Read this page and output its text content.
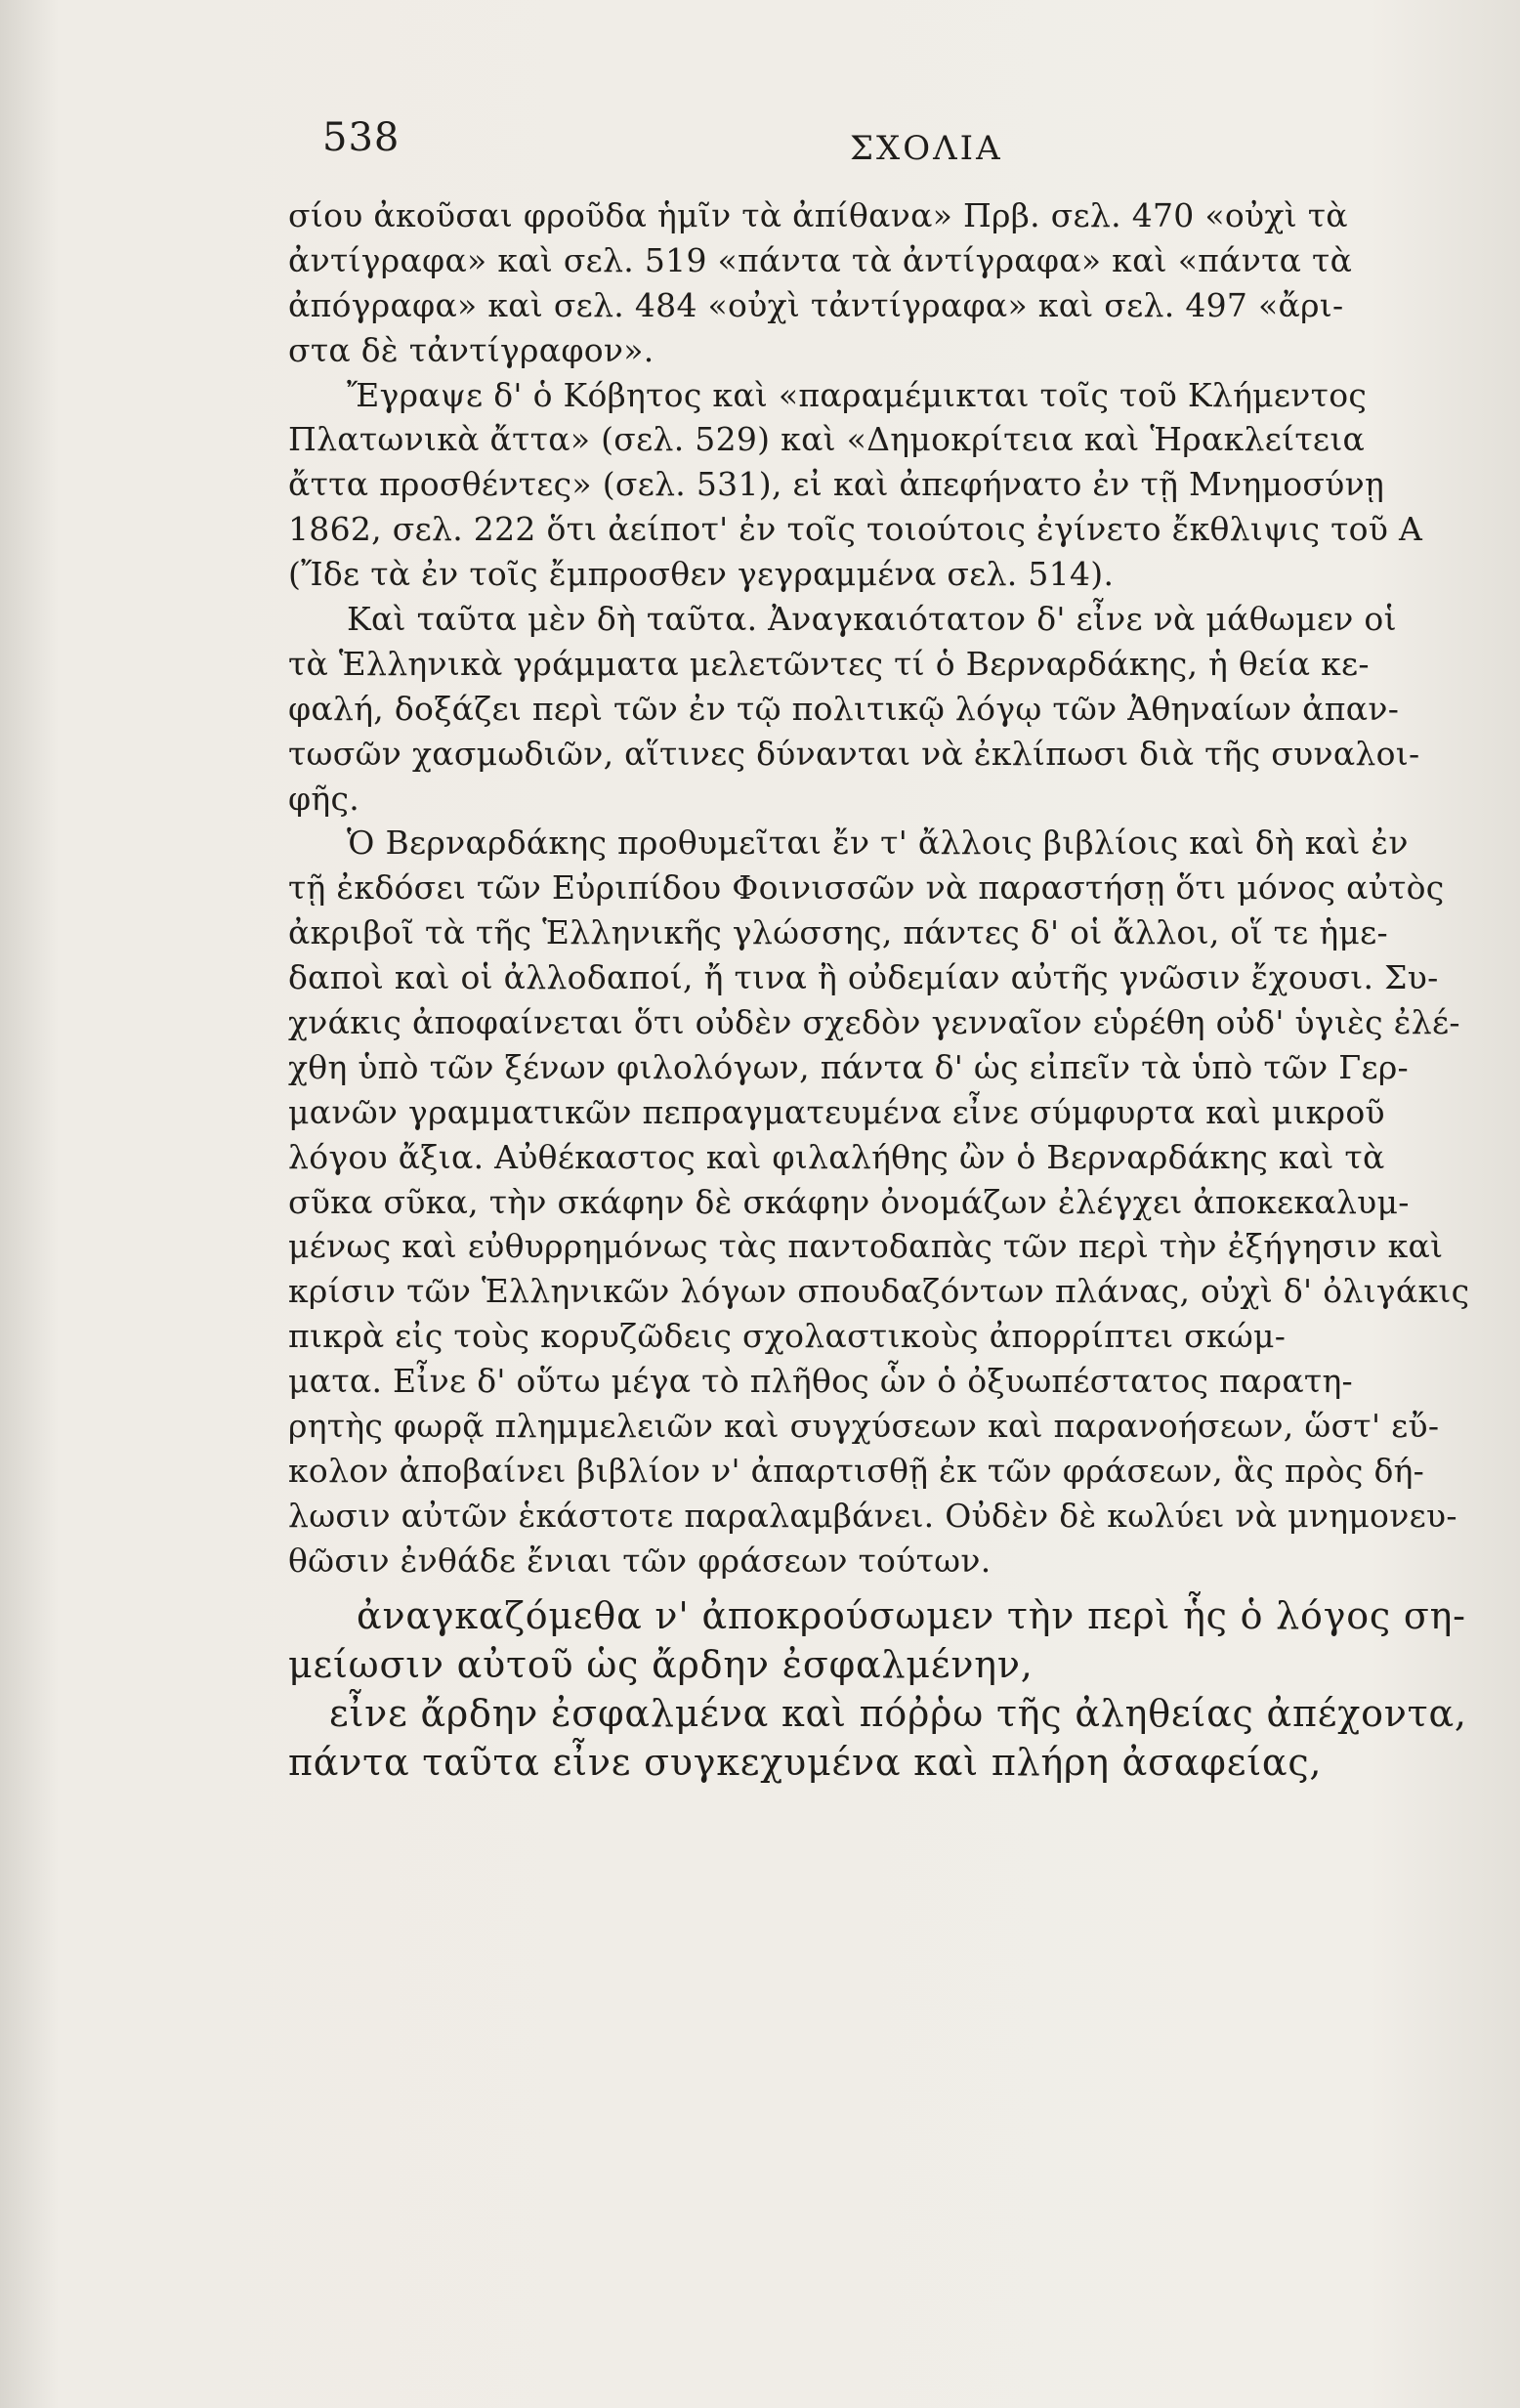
538	ΣΧΟΛΙΑ
σίου ἀκοῦσαι φροῦδα ἡμῖν τὰ ἀπίθανα» Πρβ. σελ. 470 «οὐχὶ τὰ
ἀντίγραφα» καὶ σελ. 519 «πάντα τὰ ἀντίγραφα» καὶ «πάντα τὰ
ἀπόγραφα» καὶ σελ. 484 «οὐχὶ τἀντίγραφα» καὶ σελ. 497 «ἄρι-
στα δὲ τἀντίγραφον».
Ἔγραψε δ' ὁ Κόβητος καὶ «παραμέμικται τοῖς τοῦ Κλήμεντος
Πλατωνικὰ ἄττα» (σελ. 529) καὶ «Δημοκρίτεια καὶ Ἡρακλείτεια
ἄττα προσθέντες» (σελ. 531), εἰ καὶ ἀπεφήνατο ἐν τῇ Μνημοσύνῃ
1862, σελ. 222 ὅτι ἀείποτ' ἐν τοῖς τοιούτοις ἐγίνετο ἔκθλιψις τοῦ Α
(Ἴδε τὰ ἐν τοῖς ἔμπροσθεν γεγραμμένα σελ. 514).
Καὶ ταῦτα μὲν δὴ ταῦτα. Ἀναγκαιότατον δ' εἶνε νὰ μάθωμεν οἱ
τὰ Ἑλληνικὰ γράμματα μελετῶντες τί ὁ Βερναρδάκης, ἡ θεία κε-
φαλή, δοξάζει περὶ τῶν ἐν τῷ πολιτικῷ λόγῳ τῶν Ἀθηναίων ἀπαν-
τωσῶν χασμωδιῶν, αἵτινες δύνανται νὰ ἐκλίπωσι διὰ τῆς συναλοι-
φῆς.
Ὁ Βερναρδάκης προθυμεῖται ἔν τ' ἄλλοις βιβλίοις καὶ δὴ καὶ ἐν
τῇ ἐκδόσει τῶν Εὐριπίδου Φοινισσῶν νὰ παραστήσῃ ὅτι μόνος αὐτὸς
ἀκριβοῖ τὰ τῆς Ἑλληνικῆς γλώσσης, πάντες δ' οἱ ἄλλοι, οἵ τε ἡμε-
δαποὶ καὶ οἱ ἀλλοδαποί, ἤ τινα ἢ οὐδεμίαν αὐτῆς γνῶσιν ἔχουσι. Συ-
χνάκις ἀποφαίνεται ὅτι οὐδὲν σχεδὸν γενναῖον εὑρέθη οὐδ' ὑγιὲς ἐλέ-
χθη ὑπὸ τῶν ξένων φιλολόγων, πάντα δ' ὡς εἰπεῖν τὰ ὑπὸ τῶν Γερ-
μανῶν γραμματικῶν πεπραγματευμένα εἶνε σύμφυρτα καὶ μικροῦ
λόγου ἄξια. Αὐθέκαστος καὶ φιλαλήθης ὢν ὁ Βερναρδάκης καὶ τὰ
σῦκα σῦκα, τὴν σκάφην δὲ σκάφην ὀνομάζων ἐλέγχει ἀποκεκαλυμ-
μένως καὶ εὐθυρρημόνως τὰς παντοδαπὰς τῶν περὶ τὴν ἐξήγησιν καὶ
κρίσιν τῶν Ἑλληνικῶν λόγων σπουδαζόντων πλάνας, οὐχὶ δ' ὀλιγάκις
πικρὰ εἰς τοὺς κορυζῶδεις σχολαστικοὺς ἀπορρίπτει σκώμ-
ματα. Εἶνε δ' οὕτω μέγα τὸ πλῆθος ὧν ὁ ὀξυωπέστατος παρατη-
ρητὴς φωρᾷ πλημμελειῶν καὶ συγχύσεων καὶ παρανοήσεων, ὥστ' εὔ-
κολον ἀποβαίνει βιβλίον ν' ἀπαρτισθῇ ἐκ τῶν φράσεων, ἃς πρὸς δή-
λωσιν αὐτῶν ἑκάστοτε παραλαμβάνει. Οὐδὲν δὲ κωλύει νὰ μνημονευ-
θῶσιν ἐνθάδε ἔνιαι τῶν φράσεων τούτων.
ἀναγκαζόμεθα ν' ἀποκρούσωμεν τὴν περὶ ἧς ὁ λόγος ση-
μείωσιν αὐτοῦ ὡς ἄρδην ἐσφαλμένην,
εἶνε ἄρδην ἐσφαλμένα καὶ πόῤῥω τῆς ἀληθείας ἀπέχοντα,
πάντα ταῦτα εἶνε συγκεχυμένα καὶ πλήρη ἀσαφείας,
